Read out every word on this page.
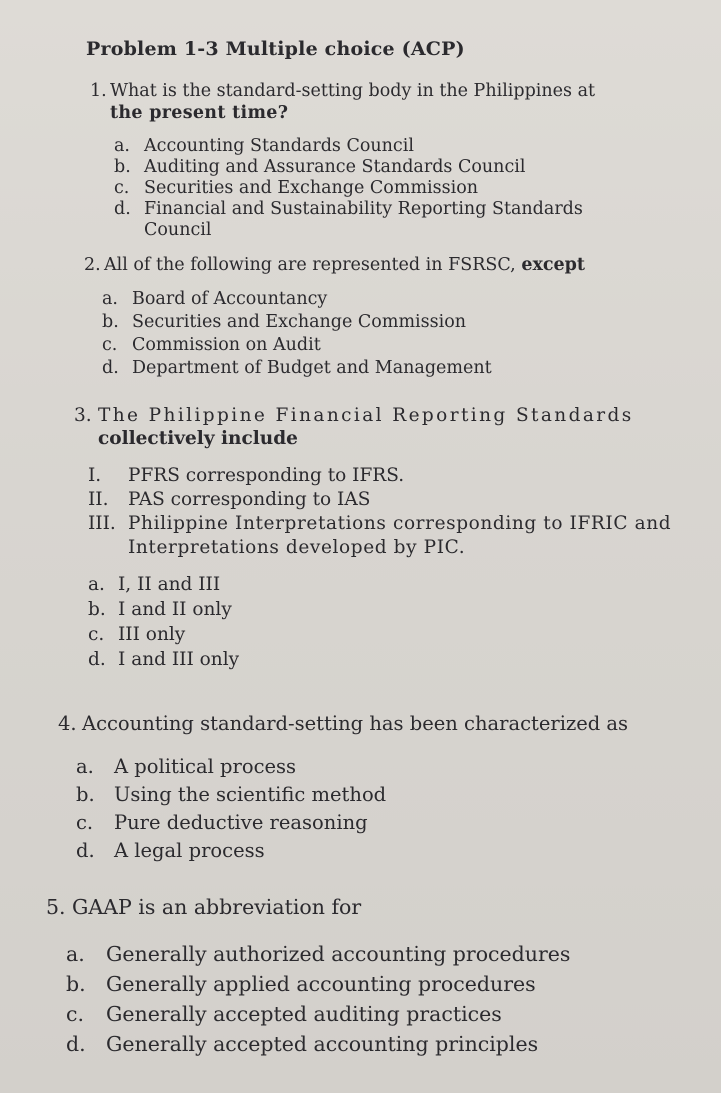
Problem 1-3 Multiple choice (ACP)
1. What is the standard-setting body in the Philippines at
the present time?
a. Accounting Standards Council
b. Auditing and Assurance Standards Council
c. Securities and Exchange Commission
d. Financial and Sustainability Reporting Standards
Council
2. All of the following are represented in FSRSC, except
a. Board of Accountancy
b. Securities and Exchange Commission
c. Commission on Audit
d. Department of Budget and Management
3. The Philippine Financial Reporting Standards
collectively include
I.	PFRS corresponding to IFRS.
II.	PAS corresponding to IAS
III. Philippine Interpretations corresponding to IFRIC and Interpretations developed by PIC.
a. I, II and III
b. I and II only
c. III only
d. I and III only
4. Accounting standard-setting has been characterized as
a.	A political process
b. Using the scientific method
c.	Pure deductive reasoning
d. A legal process
5. GAAP is an abbreviation for
a.	Generally authorized accounting procedures
b. Generally applied accounting procedures
c.	Generally accepted auditing practices
d. Generally accepted accounting principles
